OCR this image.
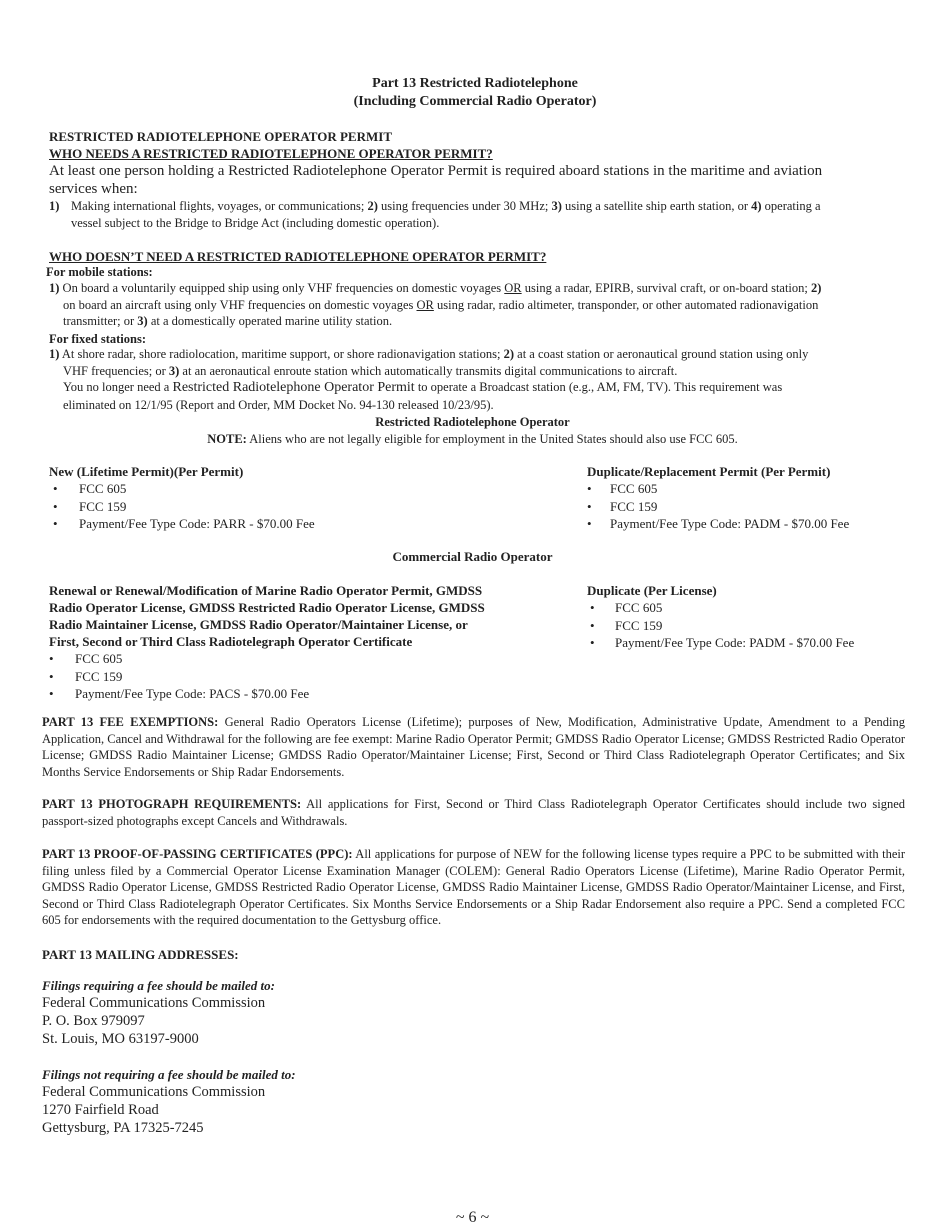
Part 13 Restricted Radiotelephone
(Including Commercial Radio Operator)
RESTRICTED RADIOTELEPHONE OPERATOR PERMIT
WHO NEEDS A RESTRICTED RADIOTELEPHONE OPERATOR PERMIT?
At least one person holding a Restricted Radiotelephone Operator Permit is required aboard stations in the maritime and aviation
services when:
1) Making international flights, voyages, or communications; 2) using frequencies under 30 MHz; 3) using a satellite ship earth station, or 4) operating a
vessel subject to the Bridge to Bridge Act (including domestic operation).
WHO DOESN’T NEED A RESTRICTED RADIOTELEPHONE OPERATOR PERMIT?
For mobile stations:
1) On board a voluntarily equipped ship using only VHF frequencies on domestic voyages OR using a radar, EPIRB, survival craft, or on-board station; 2)
on board an aircraft using only VHF frequencies on domestic voyages OR using radar, radio altimeter, transponder, or other automated radionavigation
transmitter; or 3) at a domestically operated marine utility station.
For fixed stations:
1) At shore radar, shore radiolocation, maritime support, or shore radionavigation stations; 2) at a coast station or aeronautical ground station using only
VHF frequencies; or 3) at an aeronautical enroute station which automatically transmits digital communications to aircraft.
You no longer need a Restricted Radiotelephone Operator Permit to operate a Broadcast station (e.g., AM, FM, TV). This requirement was
eliminated on 12/1/95 (Report and Order, MM Docket No. 94-130 released 10/23/95).
Restricted Radiotelephone Operator
NOTE: Aliens who are not legally eligible for employment in the United States should also use FCC 605.
New (Lifetime Permit)(Per Permit)
• FCC 605
• FCC 159
• Payment/Fee Type Code: PARR - $70.00 Fee
Duplicate/Replacement Permit (Per Permit)
• FCC 605
• FCC 159
• Payment/Fee Type Code: PADM - $70.00 Fee
Commercial Radio Operator
Renewal or Renewal/Modification of Marine Radio Operator Permit, GMDSS
Radio Operator License, GMDSS Restricted Radio Operator License, GMDSS
Radio Maintainer License, GMDSS Radio Operator/Maintainer License, or
First, Second or Third Class Radiotelegraph Operator Certificate
• FCC 605
• FCC 159
• Payment/Fee Type Code: PACS - $70.00 Fee
Duplicate (Per License)
• FCC 605
• FCC 159
• Payment/Fee Type Code: PADM - $70.00 Fee
PART 13 FEE EXEMPTIONS: General Radio Operators License (Lifetime); purposes of New, Modification, Administrative Update, Amendment to a Pending Application, Cancel and Withdrawal for the following are fee exempt: Marine Radio Operator Permit; GMDSS Radio Operator License; GMDSS Restricted Radio Operator License; GMDSS Radio Maintainer License; GMDSS Radio Operator/Maintainer License; First, Second or Third Class Radiotelegraph Operator Certificates; and Six Months Service Endorsements or Ship Radar Endorsements.
PART 13 PHOTOGRAPH REQUIREMENTS: All applications for First, Second or Third Class Radiotelegraph Operator Certificates should include two signed passport-sized photographs except Cancels and Withdrawals.
PART 13 PROOF-OF-PASSING CERTIFICATES (PPC): All applications for purpose of NEW for the following license types require a PPC to be submitted with their filing unless filed by a Commercial Operator License Examination Manager (COLEM): General Radio Operators License (Lifetime), Marine Radio Operator Permit, GMDSS Radio Operator License, GMDSS Restricted Radio Operator License, GMDSS Radio Maintainer License, GMDSS Radio Operator/Maintainer License, and First, Second or Third Class Radiotelegraph Operator Certificates. Six Months Service Endorsements or a Ship Radar Endorsement also require a PPC. Send a completed FCC 605 for endorsements with the required documentation to the Gettysburg office.
PART 13 MAILING ADDRESSES:
Filings requiring a fee should be mailed to:
Federal Communications Commission
P. O. Box 979097
St. Louis, MO 63197-9000
Filings not requiring a fee should be mailed to:
Federal Communications Commission
1270 Fairfield Road
Gettysburg, PA 17325-7245
~ 6 ~
